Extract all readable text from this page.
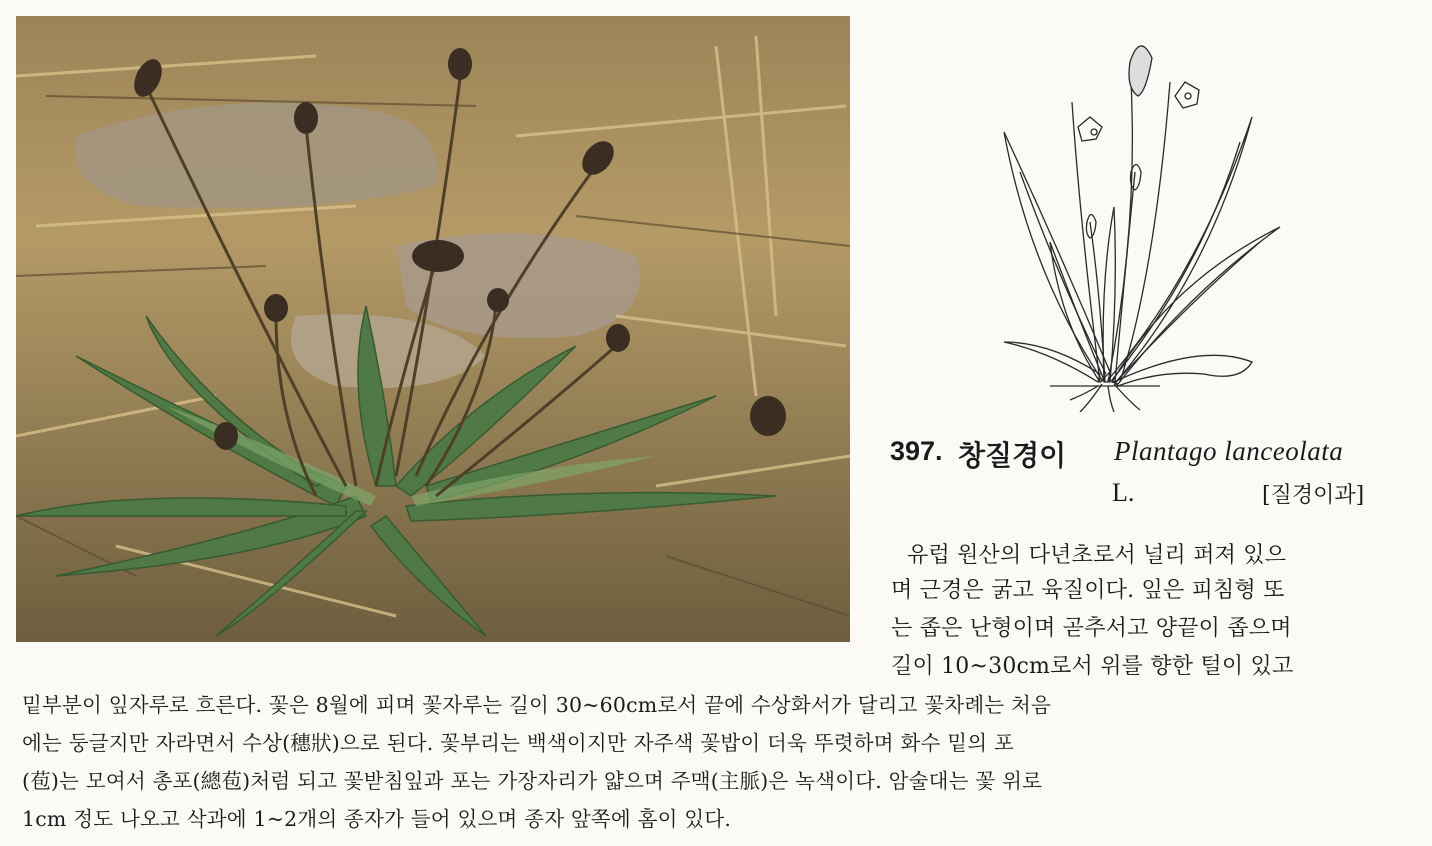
397. 창질경이 Plantago lanceolata
L.	[질경이과]
유럽 원산의 다년초로서 널리 퍼져 있으
며 근경은 굵고 육질이다. 잎은 피침형 또
는 좁은 난형이며 곧추서고 양끝이 좁으며
길이 10~30cm로서 위를 향한 털이 있고
밑부분이 잎자루로 흐른다. 꽃은 8월에 피며 꽃자루는 길이 30~60cm로서 끝에 수상화서가 달리고 꽃차례는 처음
에는 둥글지만 자라면서 수상(穗狀)으로 된다. 꽃부리는 백색이지만 자주색 꽃밥이 더욱 뚜렷하며 화수 밑의 포
(苞)는 모여서 총포(總苞)처럼 되고 꽃받침잎과 포는 가장자리가 얇으며 주맥(主脈)은 녹색이다. 암술대는 꽃 위로
1cm 정도 나오고 삭과에 1~2개의 종자가 들어 있으며 종자 앞쪽에 홈이 있다.
